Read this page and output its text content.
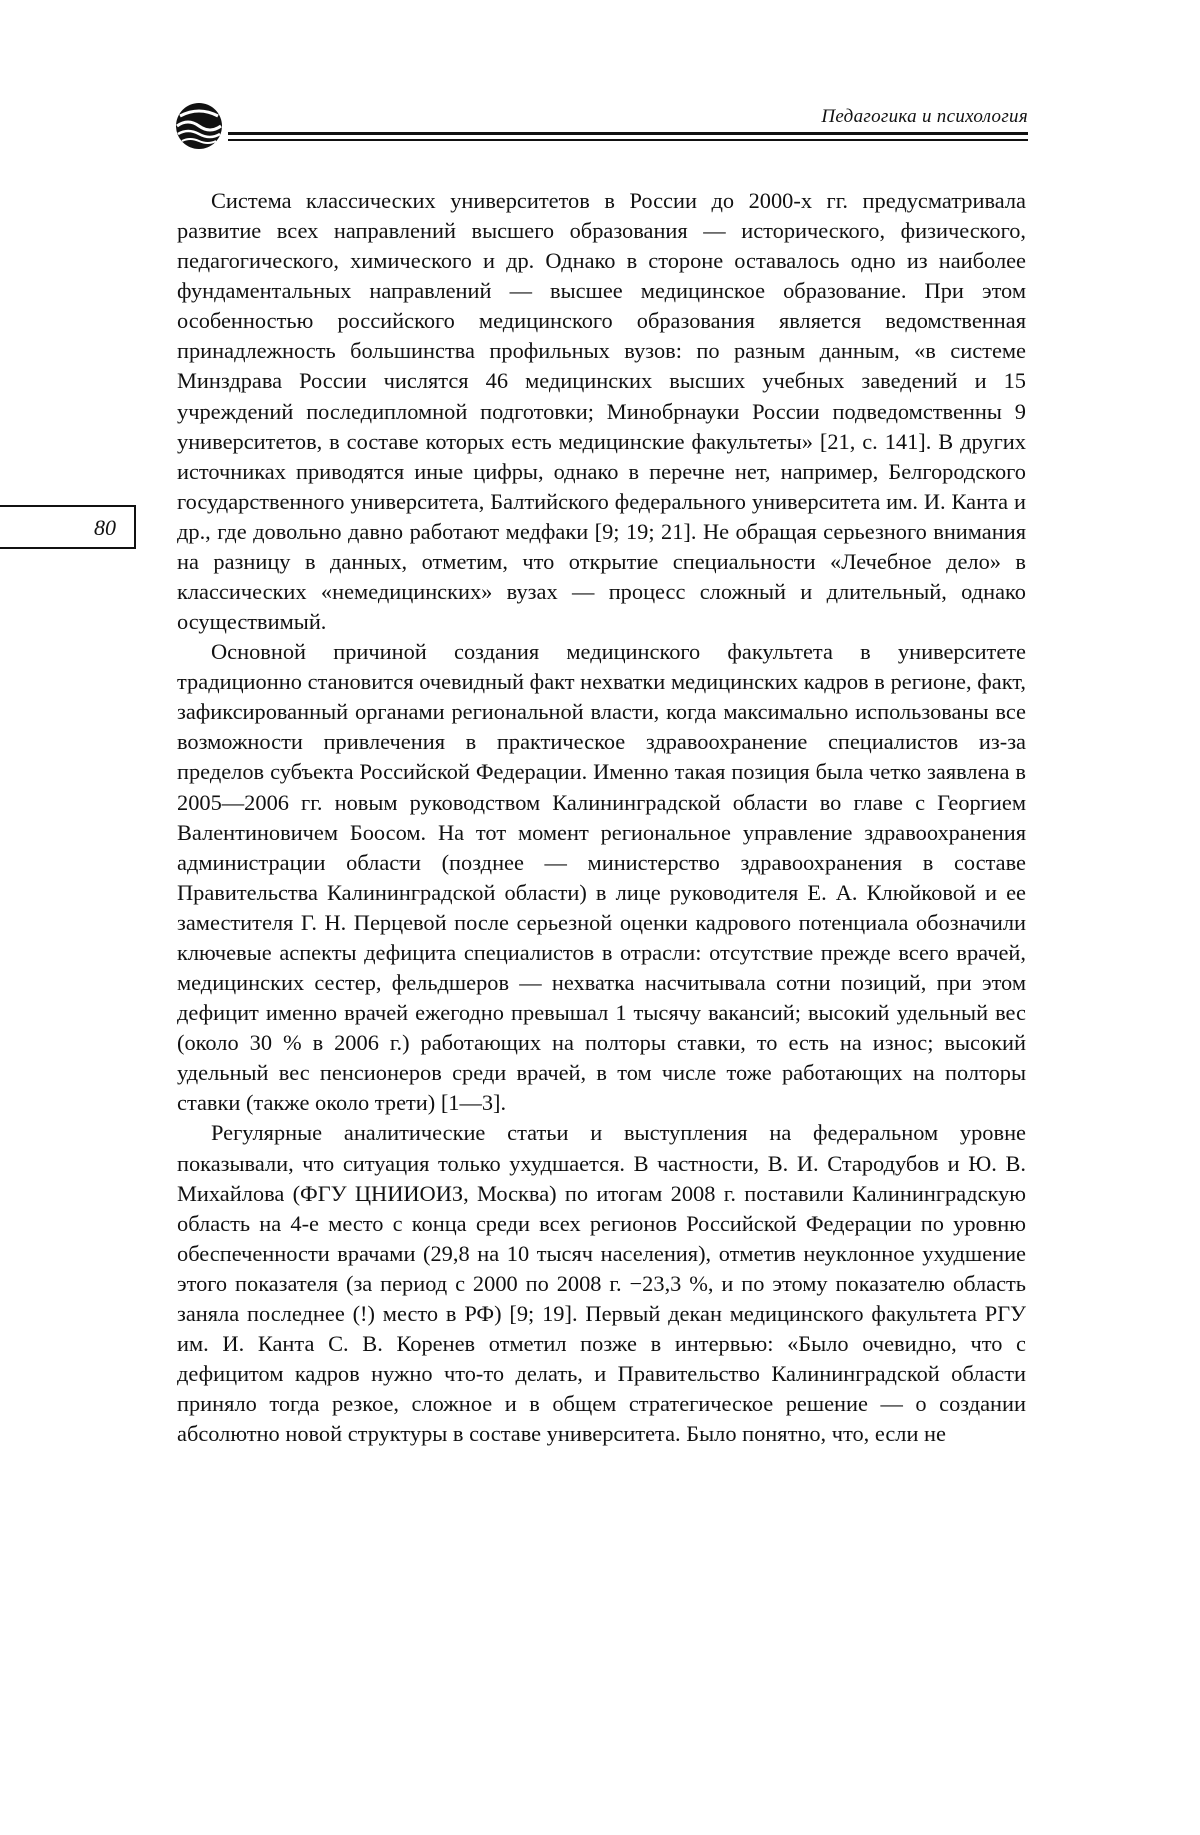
Педагогика и психология
80

Система классических университетов в России до 2000-х гг. предусматривала развитие всех направлений высшего образования — исторического, физического, педагогического, химического и др. Однако в стороне оставалось одно из наиболее фундаментальных направлений — высшее медицинское образование. При этом особенностью российского медицинского образования является ведомственная принадлежность большинства профильных вузов: по разным данным, «в системе Минздрава России числятся 46 медицинских высших учебных заведений и 15 учреждений последипломной подготовки; Минобрнауки России подведомственны 9 университетов, в составе которых есть медицинские факультеты» [21, с. 141]. В других источниках приводятся иные цифры, однако в перечне нет, например, Белгородского государственного университета, Балтийского федерального университета им. И. Канта и др., где довольно давно работают медфаки [9; 19; 21]. Не обращая серьезного внимания на разницу в данных, отметим, что открытие специальности «Лечебное дело» в классических «немедицинских» вузах — процесс сложный и длительный, однако осуществимый.

Основной причиной создания медицинского факультета в университете традиционно становится очевидный факт нехватки медицинских кадров в регионе, факт, зафиксированный органами региональной власти, когда максимально использованы все возможности привлечения в практическое здравоохранение специалистов из-за пределов субъекта Российской Федерации. Именно такая позиция была четко заявлена в 2005—2006 гг. новым руководством Калининградской области во главе с Георгием Валентиновичем Боосом. На тот момент региональное управление здравоохранения администрации области (позднее — министерство здравоохранения в составе Правительства Калининградской области) в лице руководителя Е. А. Клюйковой и ее заместителя Г. Н. Перцевой после серьезной оценки кадрового потенциала обозначили ключевые аспекты дефицита специалистов в отрасли: отсутствие прежде всего врачей, медицинских сестер, фельдшеров — нехватка насчитывала сотни позиций, при этом дефицит именно врачей ежегодно превышал 1 тысячу вакансий; высокий удельный вес (около 30 % в 2006 г.) работающих на полторы ставки, то есть на износ; высокий удельный вес пенсионеров среди врачей, в том числе тоже работающих на полторы ставки (также около трети) [1—3].

Регулярные аналитические статьи и выступления на федеральном уровне показывали, что ситуация только ухудшается. В частности, В. И. Стародубов и Ю. В. Михайлова (ФГУ ЦНИИОИЗ, Москва) по итогам 2008 г. поставили Калининградскую область на 4-е место с конца среди всех регионов Российской Федерации по уровню обеспеченности врачами (29,8 на 10 тысяч населения), отметив неуклонное ухудшение этого показателя (за период с 2000 по 2008 г. −23,3 %, и по этому показателю область заняла последнее (!) место в РФ) [9; 19]. Первый декан медицинского факультета РГУ им. И. Канта С. В. Коренев отметил позже в интервью: «Было очевидно, что с дефицитом кадров нужно что-то делать, и Правительство Калининградской области приняло тогда резкое, сложное и в общем стратегическое решение — о создании абсолютно новой структуры в составе университета. Было понятно, что, если не
